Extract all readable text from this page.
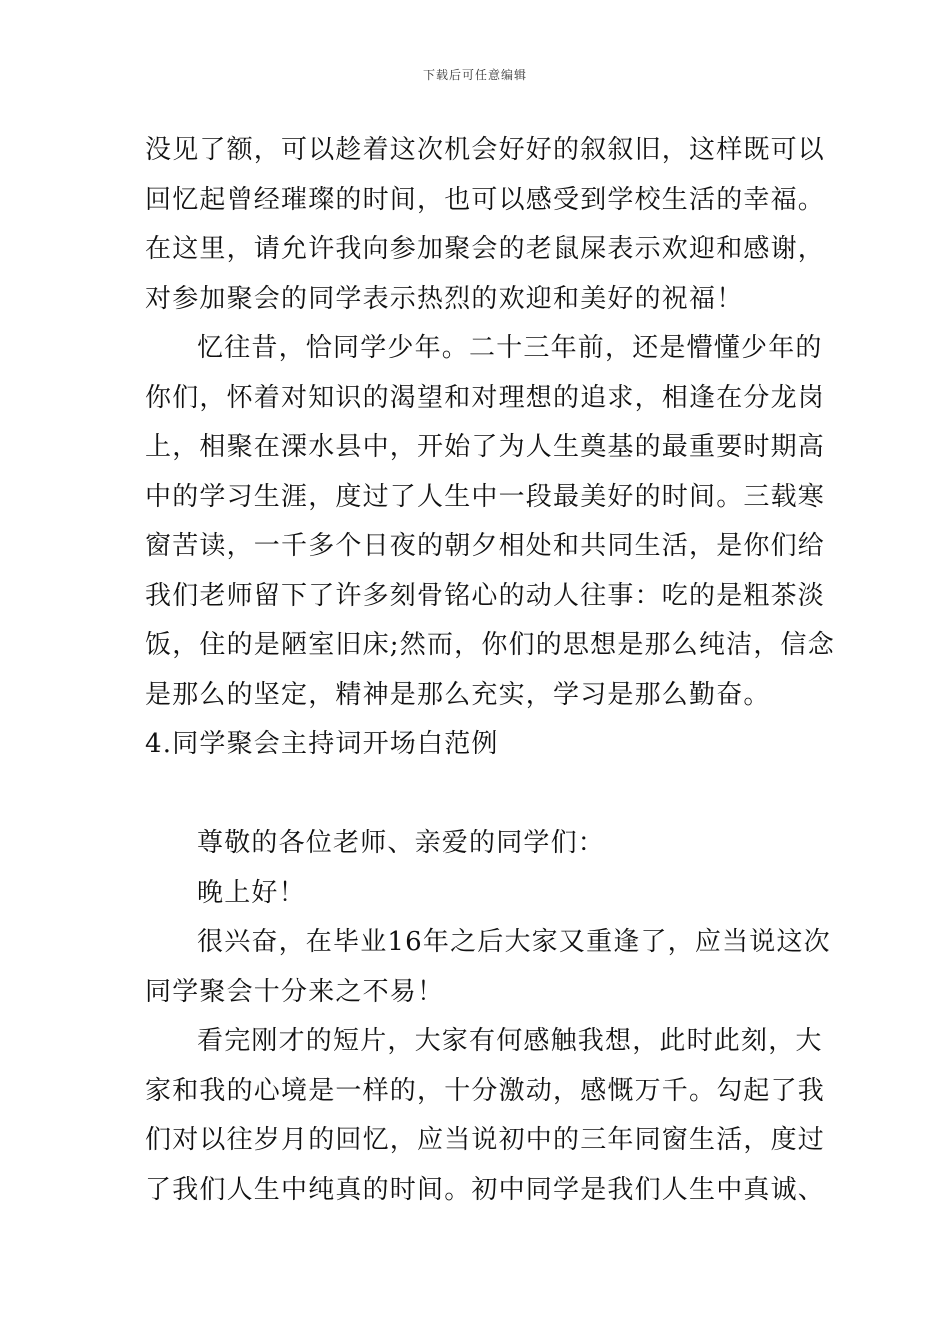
下载后可任意编辑
没见了额，可以趁着这次机会好好的叙叙旧，这样既可以
回忆起曾经璀璨的时间，也可以感受到学校生活的幸福。
在这里，请允许我向参加聚会的老鼠屎表示欢迎和感谢，
对参加聚会的同学表示热烈的欢迎和美好的祝福！
忆往昔，恰同学少年。二十三年前，还是懵懂少年的
你们，怀着对知识的渴望和对理想的追求，相逢在分龙岗
上，相聚在溧水县中，开始了为人生奠基的最重要时期高
中的学习生涯，度过了人生中一段最美好的时间。三载寒
窗苦读，一千多个日夜的朝夕相处和共同生活，是你们给
我们老师留下了许多刻骨铭心的动人往事：吃的是粗茶淡
饭，住的是陋室旧床;然而，你们的思想是那么纯洁，信念
是那么的坚定，精神是那么充实，学习是那么勤奋。
4.同学聚会主持词开场白范例
尊敬的各位老师、亲爱的同学们：
晚上好！
很兴奋，在毕业16年之后大家又重逢了，应当说这次
同学聚会十分来之不易！
看完刚才的短片，大家有何感触我想，此时此刻，大
家和我的心境是一样的，十分激动，感慨万千。勾起了我
们对以往岁月的回忆，应当说初中的三年同窗生活，度过
了我们人生中纯真的时间。初中同学是我们人生中真诚、
